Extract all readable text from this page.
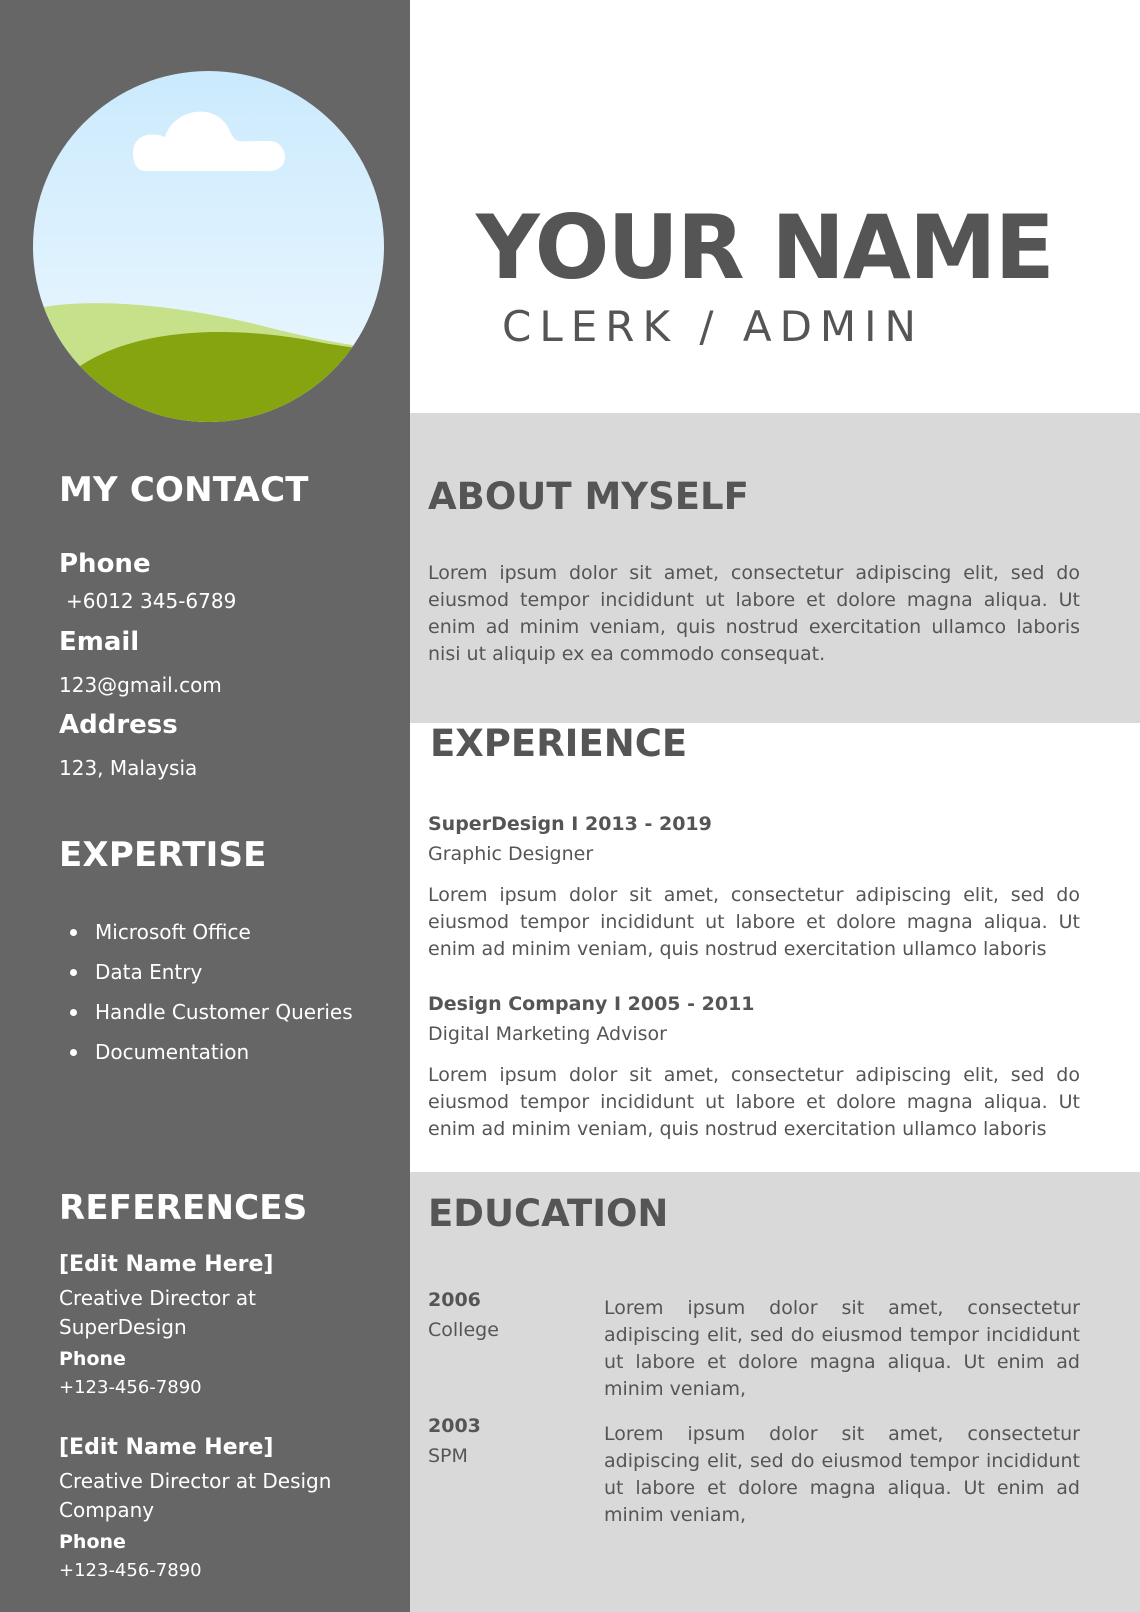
MY CONTACT
Phone
+6012 345-6789
Email
123@gmail.com
Address
123, Malaysia
EXPERTISE
Microsoft Office
Data Entry
Handle Customer Queries
Documentation
REFERENCES
[Edit Name Here]
Creative Director at SuperDesign
Phone
+123-456-7890
[Edit Name Here]
Creative Director at Design Company
Phone
+123-456-7890
YOUR NAME
CLERK / ADMIN
ABOUT MYSELF
Lorem ipsum dolor sit amet, consectetur adipiscing elit, sed do eiusmod tempor incididunt ut labore et dolore magna aliqua. Ut enim ad minim veniam, quis nostrud exercitation ullamco laboris nisi ut aliquip ex ea commodo consequat.
EXPERIENCE
SuperDesign I 2013 - 2019
Graphic Designer
Lorem ipsum dolor sit amet, consectetur adipiscing elit, sed do eiusmod tempor incididunt ut labore et dolore magna aliqua. Ut enim ad minim veniam, quis nostrud exercitation ullamco laboris
Design Company I 2005 - 2011
Digital Marketing Advisor
Lorem ipsum dolor sit amet, consectetur adipiscing elit, sed do eiusmod tempor incididunt ut labore et dolore magna aliqua. Ut enim ad minim veniam, quis nostrud exercitation ullamco laboris
EDUCATION
2006
College
Lorem ipsum dolor sit amet, consectetur adipiscing elit, sed do eiusmod tempor incididunt ut labore et dolore magna aliqua. Ut enim ad minim veniam,
2003
SPM
Lorem ipsum dolor sit amet, consectetur adipiscing elit, sed do eiusmod tempor incididunt ut labore et dolore magna aliqua. Ut enim ad minim veniam,
